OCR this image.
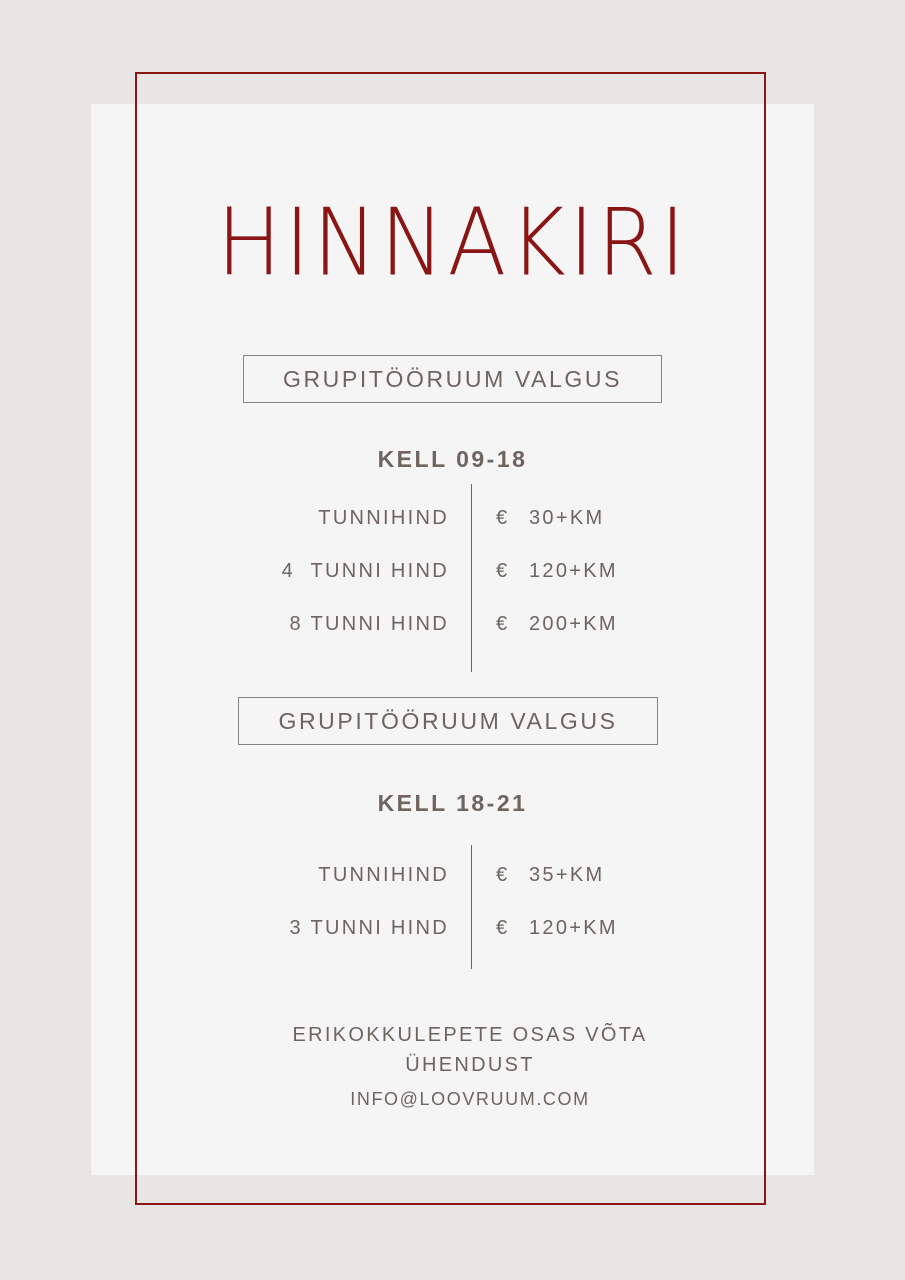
HINNAKIRI
GRUPITÖÖRUUM VALGUS
KELL 09-18
TUNNIHIND € 30+KM
4  TUNNI HIND € 120+KM
8 TUNNI HIND € 200+KM
GRUPITÖÖRUUM VALGUS
KELL 18-21
TUNNIHIND € 35+KM
3 TUNNI HIND € 120+KM
ERIKOKKULEPETE OSAS VÕTA
ÜHENDUST
INFO@LOOVRUUM.COM
